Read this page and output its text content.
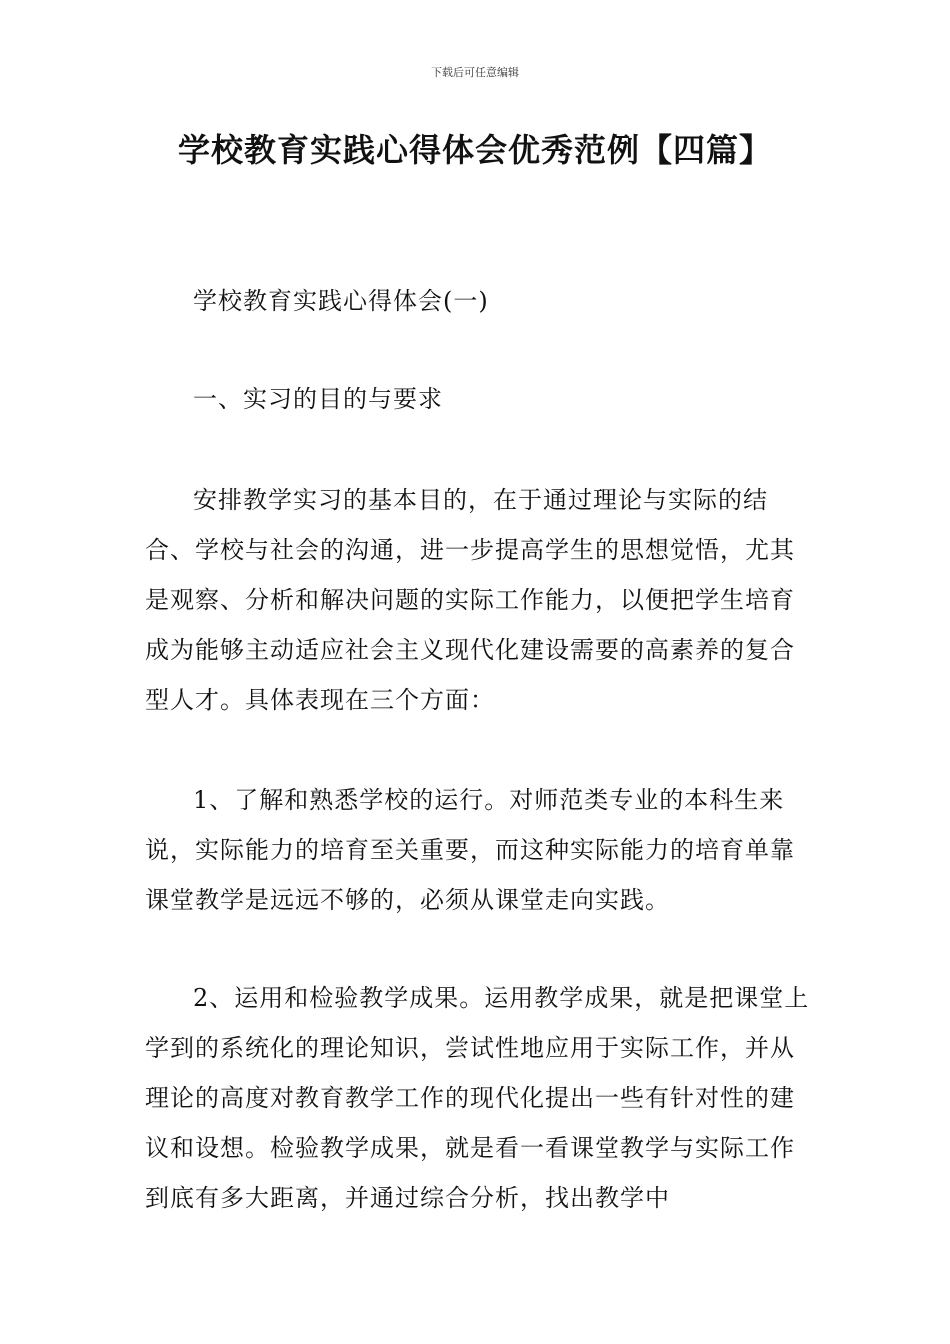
下载后可任意编辑
学校教育实践心得体会优秀范例【四篇】

学校教育实践心得体会(一)

一、实习的目的与要求

安排教学实习的基本目的，在于通过理论与实际的结合、学校与社会的沟通，进一步提高学生的思想觉悟，尤其是观察、分析和解决问题的实际工作能力，以便把学生培育成为能够主动适应社会主义现代化建设需要的高素养的复合型人才。具体表现在三个方面：

1、了解和熟悉学校的运行。对师范类专业的本科生来说，实际能力的培育至关重要，而这种实际能力的培育单靠课堂教学是远远不够的，必须从课堂走向实践。

2、运用和检验教学成果。运用教学成果，就是把课堂上学到的系统化的理论知识，尝试性地应用于实际工作，并从理论的高度对教育教学工作的现代化提出一些有针对性的建议和设想。检验教学成果，就是看一看课堂教学与实际工作到底有多大距离，并通过综合分析，找出教学中
